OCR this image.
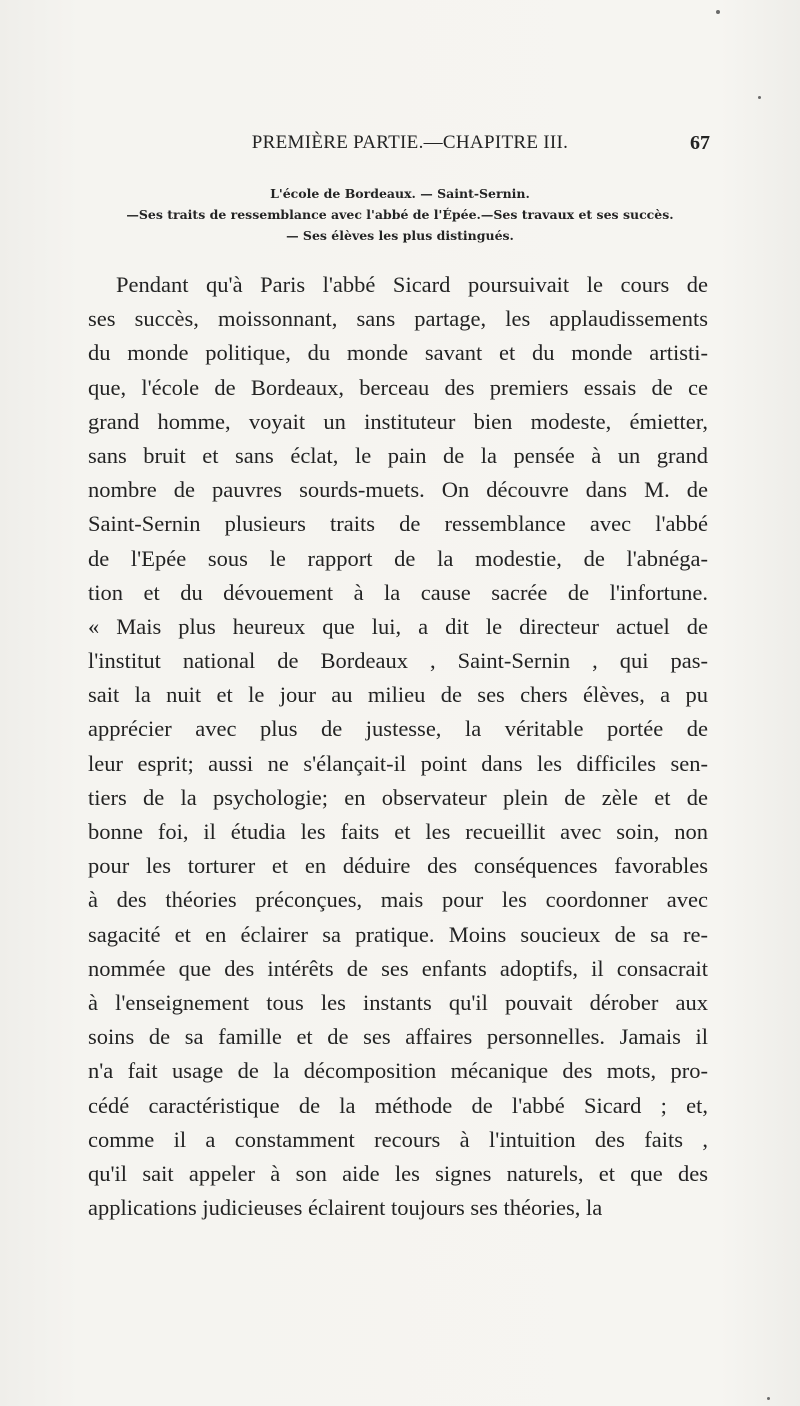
PREMIÈRE PARTIE.—CHAPITRE III.	67
L'école de Bordeaux. — Saint-Sernin.
—Ses traits de ressemblance avec l'abbé de l'Épée.—Ses travaux et ses succès.
— Ses élèves les plus distingués.
Pendant qu'à Paris l'abbé Sicard poursuivait le cours de
ses succès, moissonnant, sans partage, les applaudissements
du monde politique, du monde savant et du monde artisti-
que, l'école de Bordeaux, berceau des premiers essais de ce
grand homme, voyait un instituteur bien modeste, émietter,
sans bruit et sans éclat, le pain de la pensée à un grand
nombre de pauvres sourds-muets. On découvre dans M. de
Saint-Sernin plusieurs traits de ressemblance avec l'abbé
de l'Epée sous le rapport de la modestie, de l'abnéga-
tion et du dévouement à la cause sacrée de l'infortune.
« Mais plus heureux que lui, a dit le directeur actuel de
l'institut national de Bordeaux , Saint-Sernin , qui pas-
sait la nuit et le jour au milieu de ses chers élèves, a pu
apprécier avec plus de justesse, la véritable portée de
leur esprit; aussi ne s'élançait-il point dans les difficiles sen-
tiers de la psychologie; en observateur plein de zèle et de
bonne foi, il étudia les faits et les recueillit avec soin, non
pour les torturer et en déduire des conséquences favorables
à des théories préconçues, mais pour les coordonner avec
sagacité et en éclairer sa pratique. Moins soucieux de sa re-
nommée que des intérêts de ses enfants adoptifs, il consacrait
à l'enseignement tous les instants qu'il pouvait dérober aux
soins de sa famille et de ses affaires personnelles. Jamais il
n'a fait usage de la décomposition mécanique des mots, pro-
cédé caractéristique de la méthode de l'abbé Sicard ; et,
comme il a constamment recours à l'intuition des faits ,
qu'il sait appeler à son aide les signes naturels, et que des
applications judicieuses éclairent toujours ses théories, la
